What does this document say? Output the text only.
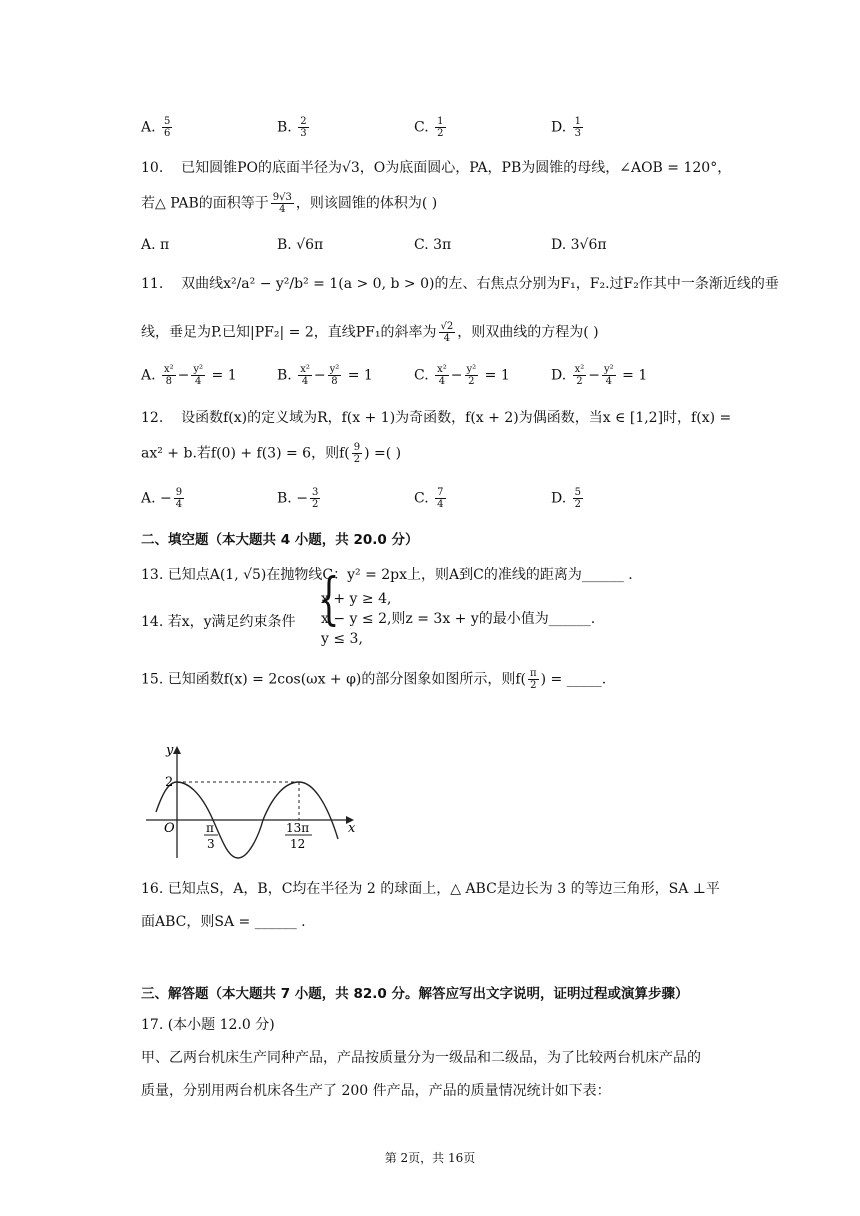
A. $\frac{5}{6}$	B. $\frac{2}{3}$	C. $\frac{1}{2}$	D. $\frac{1}{3}$
10. 已知圆锥PO的底面半径为√3，O为底面圆心，PA，PB为圆锥的母线，∠AOB = 120°，
若△ PAB的面积等于 $\frac{9√3}{4}$ ，则该圆锥的体积为( )
A. π	B. √6π	C. 3π	D. 3√6π
11. 双曲线x²/a² − y²/b² = 1(a > 0, b > 0)的左、右焦点分别为F₁，F₂.过F₂作其中一条渐近线的垂
线，垂足为P.已知|PF₂| = 2，直线PF₁的斜率为 $\frac{√2}{4}$ ，则双曲线的方程为( )
A. $\frac{\text{x²}}{8} - \frac{\text{y²}}{4} = 1$	B. $\frac{\text{x²}}{4} - \frac{\text{y²}}{8} = 1$	C. $\frac{\text{x²}}{4} - \frac{\text{y²}}{2} = 1$	D. $\frac{\text{x²}}{2} - \frac{\text{y²}}{4} = 1$
12. 设函数f(x)的定义域为R，f(x + 1)为奇函数，f(x + 2)为偶函数，当x ∈ [1,2]时，f(x) =
ax² + b.若f(0) + f(3) = 6，则$f( \frac{9}{2}$ ) =( )
A. − $\frac{9}{4}$	B. − $\frac{3}{2}$	C. $\frac{7}{4}$	D. $\frac{5}{2}$
二、填空题（本大题共 4 小题，共 20.0 分）
13. 已知点A(1, √5)在抛物线C：y² = 2px上，则A到C的准线的距离为______ .
14. 若x，y满足约束条件 {
x + y ≥ 4,
x − y ≤ 2,则z = 3x + y的最小值为______.
y ≤ 3,
15. 已知函数f(x) = 2cos(ωx + φ)的部分图象如图所示，则$f( \frac{\pi}{2}$ ) = _____.
y
x
O
2
π
3
13π
12
16. 已知点S，A，B，C均在半径为 2 的球面上，△ ABC是边长为 3 的等边三角形，SA ⊥平
面ABC，则SA = ______ .
三、解答题（本大题共 7 小题，共 82.0 分。解答应写出文字说明，证明过程或演算步骤）
17. (本小题 12.0 分)
甲、乙两台机床生产同种产品，产品按质量分为一级品和二级品，为了比较两台机床产品的
质量，分别用两台机床各生产了 200 件产品，产品的质量情况统计如下表：
第 2页，共 16页
